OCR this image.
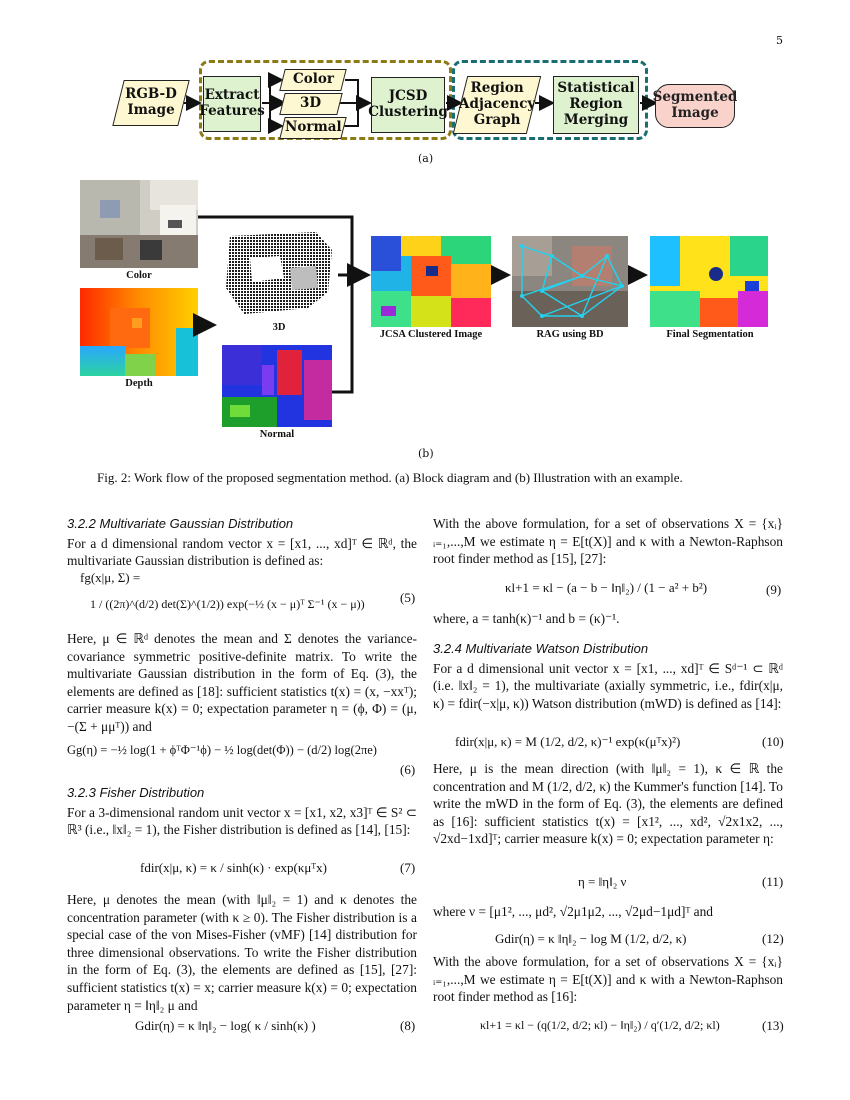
5
RGB-D Image
Extract Features
Color
3D
Normal
JCSD Clustering
Region Adjacency Graph
Statistical Region Merging
Segmented Image
(a)
Color
Depth
3D
Normal
JCSA Clustered Image	RAG using BD	Final Segmentation
(b)
Fig. 2: Work flow of the proposed segmentation method. (a) Block diagram and (b) Illustration with an example.
3.2.2 Multivariate Gaussian Distribution

For a d dimensional random vector x = [x1, ..., xd]ᵀ ∈ ℝᵈ, the multivariate Gaussian distribution is defined as:

fg(x|μ, Σ) =
1 / ((2π)^(d/2) det(Σ)^(1/2)) exp(−½ (x − μ)ᵀ Σ⁻¹ (x − μ))	(5)
Here, μ ∈ ℝᵈ denotes the mean and Σ denotes the variance-covariance symmetric positive-definite matrix. To write the multivariate Gaussian distribution in the form of Eq. (3), the elements are defined as [18]: sufficient statistics t(x) = (x, −xxᵀ); carrier measure k(x) = 0; expectation parameter η = (ϕ, Φ) = (μ, −(Σ + μμᵀ)) and
Gg(η) = −½ log(1 + ϕᵀΦ⁻¹ϕ) − ½ log(det(Φ)) − (d/2) log(2πe)
(6)
3.2.3 Fisher Distribution

For a 3-dimensional random unit vector x = [x1, x2, x3]ᵀ ∈ S² ⊂ ℝ³ (i.e., ‖x‖₂ = 1), the Fisher distribution is defined as [14], [15]:

fdir(x|μ, κ) = κ / sinh(κ) · exp(κμᵀx)	(7)
Here, μ denotes the mean (with ‖μ‖₂ = 1) and κ denotes the concentration parameter (with κ ≥ 0). The Fisher distribution is a special case of the von Mises-Fisher (vMF) [14] distribution for three dimensional observations. To write the Fisher distribution in the form of Eq. (3), the elements are defined as [15], [27]: sufficient statistics t(x) = x; carrier measure k(x) = 0; expectation parameter η = ‖η‖₂ μ and
Gdir(η) = κ ‖η‖₂ − log( κ / sinh(κ) )	(8)
With the above formulation, for a set of observations X = {xᵢ}ᵢ₌₁,...,M we estimate η = E[t(X)] and κ with a Newton-Raphson root finder method as [15], [27]:
κl+1 = κl − (a − b − ‖η‖₂) / (1 − a² + b²)	(9)
where, a = tanh(κ)⁻¹ and b = (κ)⁻¹.
3.2.4 Multivariate Watson Distribution

For a d dimensional unit vector x = [x1, ..., xd]ᵀ ∈ Sᵈ⁻¹ ⊂ ℝᵈ (i.e. ‖x‖₂ = 1), the multivariate (axially symmetric, i.e., fdir(x|μ, κ) = fdir(−x|μ, κ)) Watson distribution (mWD) is defined as [14]:

fdir(x|μ, κ) = M (1/2, d/2, κ)⁻¹ exp(κ(μᵀx)²)	(10)
Here, μ is the mean direction (with ‖μ‖₂ = 1), κ ∈ ℝ the concentration and M (1/2, d/2, κ) the Kummer's function [14]. To write the mWD in the form of Eq. (3), the elements are defined as [16]: sufficient statistics t(x) = [x1², ..., xd², √2x1x2, ..., √2xd−1xd]ᵀ; carrier measure k(x) = 0; expectation parameter η:
η = ‖η‖₂ ν	(11)
where ν = [μ1², ..., μd², √2μ1μ2, ..., √2μd−1μd]ᵀ and
Gdir(η) = κ ‖η‖₂ − log M (1/2, d/2, κ)	(12)
With the above formulation, for a set of observations X = {xᵢ}ᵢ₌₁,...,M we estimate η = E[t(X)] and κ with a Newton-Raphson root finder method as [16]:
κl+1 = κl − (q(1/2, d/2; κl) − ‖η‖₂) / q′(1/2, d/2; κl)	(13)
